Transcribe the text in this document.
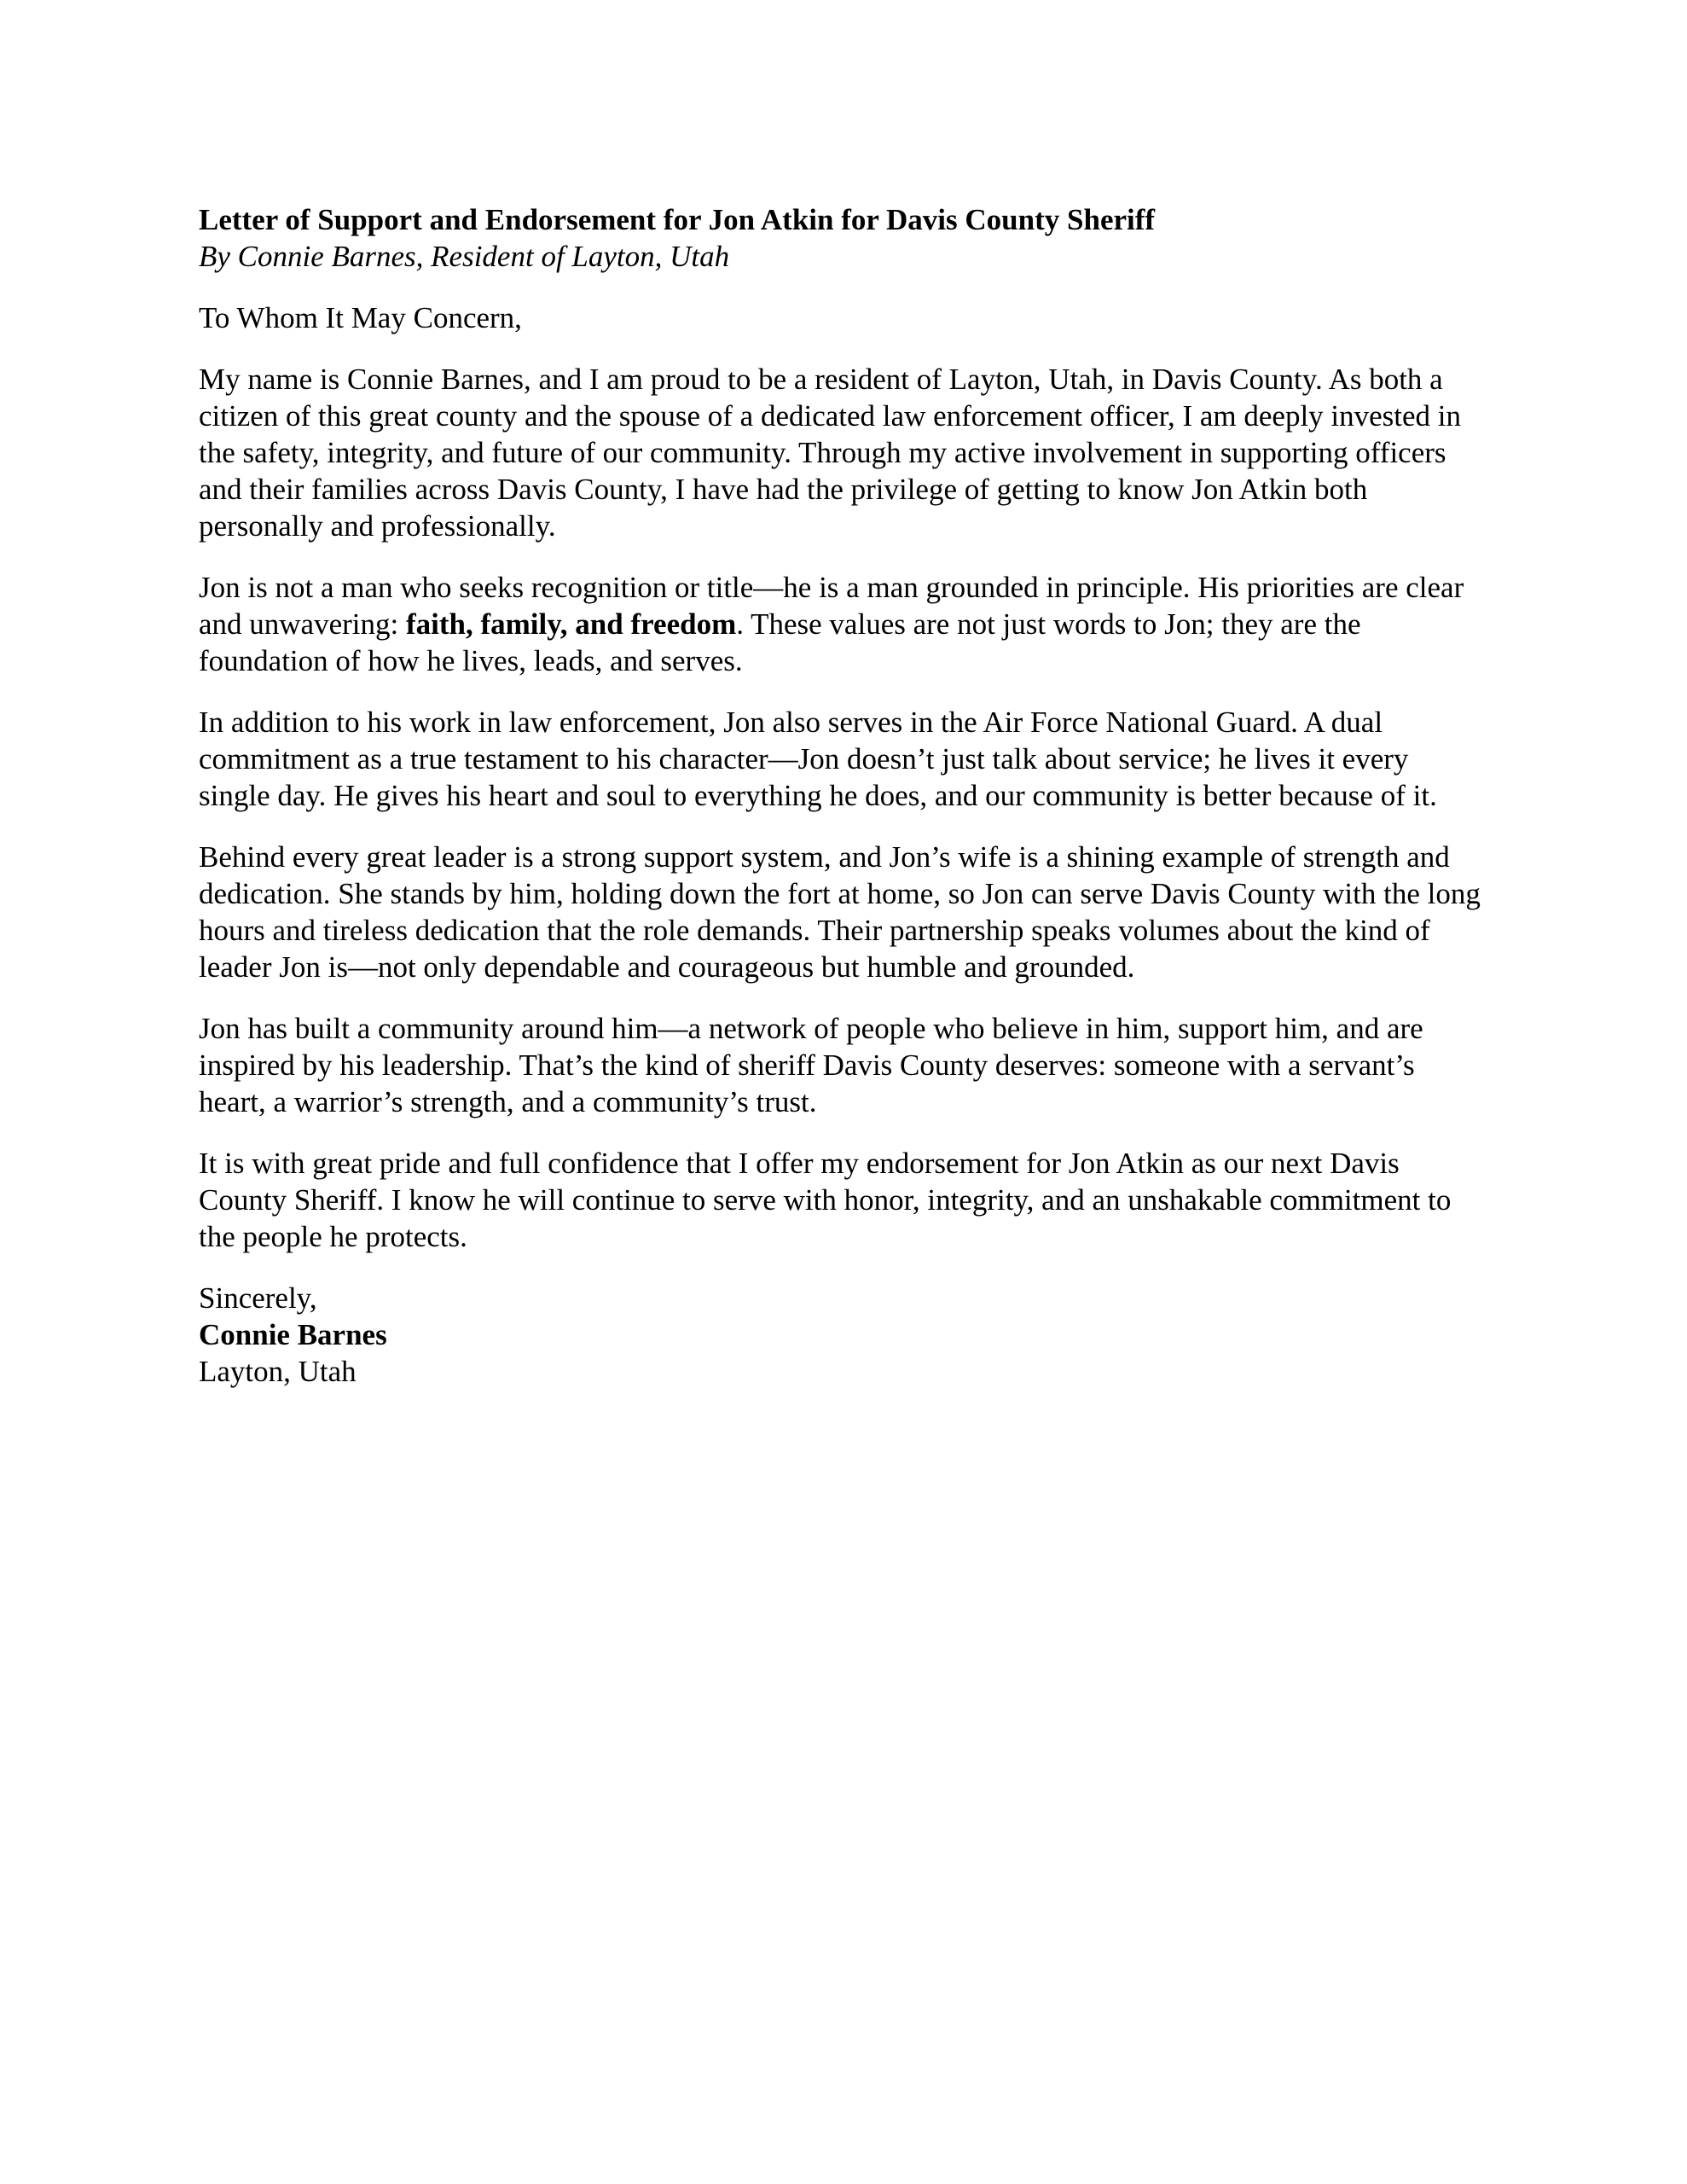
Letter of Support and Endorsement for Jon Atkin for Davis County Sheriff

By Connie Barnes, Resident of Layton, Utah

To Whom It May Concern,

My name is Connie Barnes, and I am proud to be a resident of Layton, Utah, in Davis County. As both a citizen of this great county and the spouse of a dedicated law enforcement officer, I am deeply invested in the safety, integrity, and future of our community. Through my active involvement in supporting officers and their families across Davis County, I have had the privilege of getting to know Jon Atkin both personally and professionally.

Jon is not a man who seeks recognition or title—he is a man grounded in principle. His priorities are clear and unwavering: faith, family, and freedom. These values are not just words to Jon; they are the foundation of how he lives, leads, and serves.

In addition to his work in law enforcement, Jon also serves in the Air Force National Guard. A dual commitment as a true testament to his character—Jon doesn’t just talk about service; he lives it every single day. He gives his heart and soul to everything he does, and our community is better because of it.

Behind every great leader is a strong support system, and Jon’s wife is a shining example of strength and dedication. She stands by him, holding down the fort at home, so Jon can serve Davis County with the long hours and tireless dedication that the role demands. Their partnership speaks volumes about the kind of leader Jon is—not only dependable and courageous but humble and grounded.

Jon has built a community around him—a network of people who believe in him, support him, and are inspired by his leadership. That’s the kind of sheriff Davis County deserves: someone with a servant’s heart, a warrior’s strength, and a community’s trust.

It is with great pride and full confidence that I offer my endorsement for Jon Atkin as our next Davis County Sheriff. I know he will continue to serve with honor, integrity, and an unshakable commitment to the people he protects.

Sincerely,
Connie Barnes
Layton, Utah
